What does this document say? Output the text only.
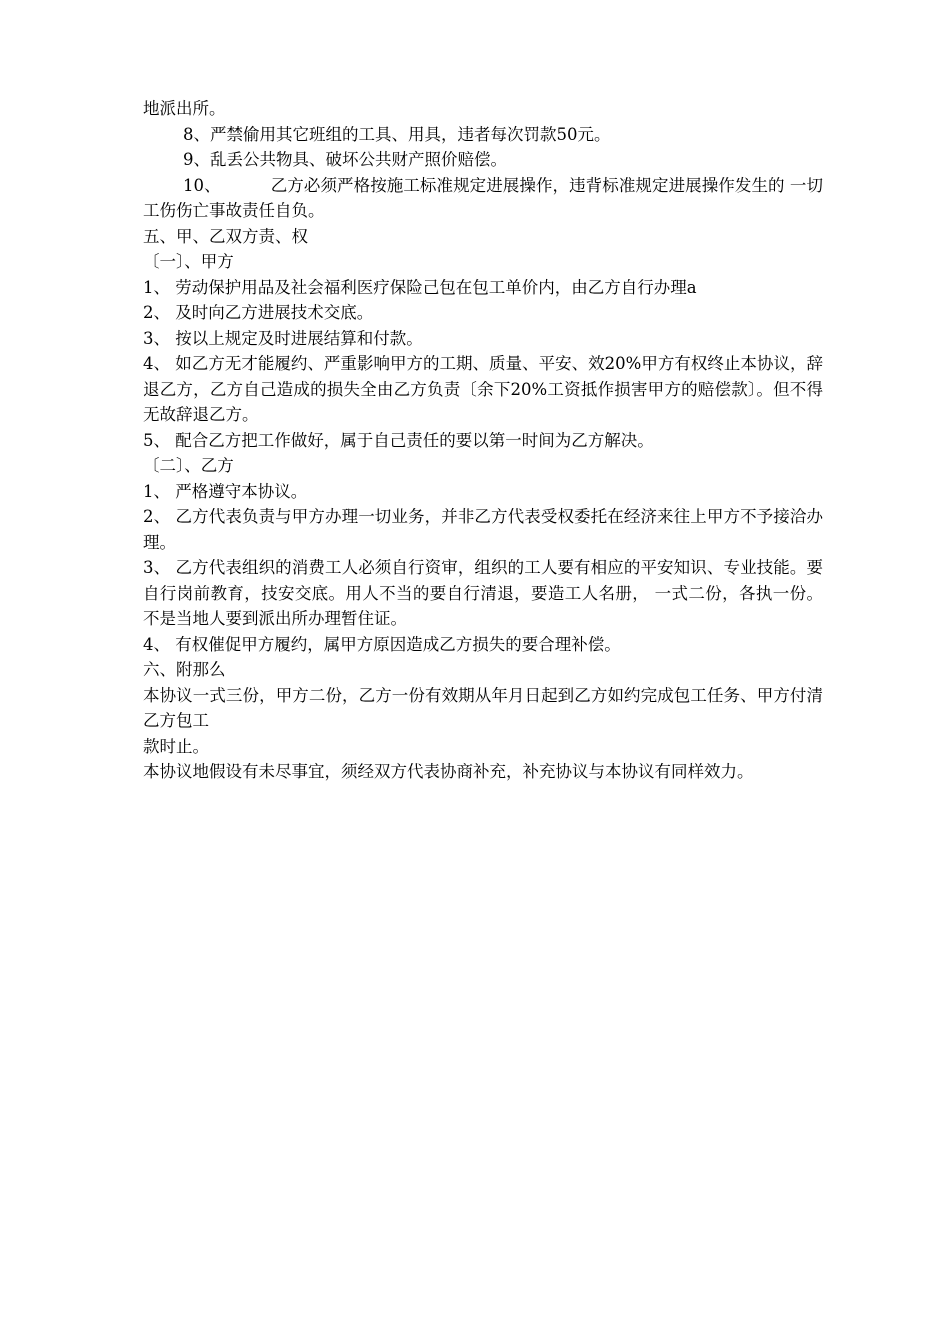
地派出所。
8、严禁偷用其它班组的工具、用具，违者每次罚款50元。
9、乱丢公共物具、破坏公共财产照价赔偿。
10、	乙方必须严格按施工标准规定进展操作，违背标准规定进展操作发生的 一切工伤伤亡事故责任自负。
五、甲、乙双方责、权
〔一〕、甲方
1、 劳动保护用品及社会福利医疗保险己包在包工单价内，由乙方自行办理a
2、 及时向乙方进展技术交底。
3、 按以上规定及时进展结算和付款。
4、 如乙方无才能履约、严重影响甲方的工期、质量、平安、效20%甲方有权终止本协议，辞退乙方，乙方自己造成的损失全由乙方负责〔余下20%工资抵作损害甲方的赔偿款〕。但不得无故辞退乙方。
5、 配合乙方把工作做好，属于自己责任的要以第一时间为乙方解决。
〔二〕、乙方
1、 严格遵守本协议。
2、 乙方代表负责与甲方办理一切业务，并非乙方代表受权委托在经济来往上甲方不予接洽办理。
3、 乙方代表组织的消费工人必须自行资审，组织的工人要有相应的平安知识、专业技能。要自行岗前教育，技安交底。用人不当的要自行清退，要造工人名册， 一式二份，各执一份。不是当地人要到派出所办理暂住证。
4、 有权催促甲方履约，属甲方原因造成乙方损失的要合理补偿。
六、附那么
本协议一式三份，甲方二份，乙方一份有效期从年月日起到乙方如约完成包工任务、甲方付清乙方包工
款时止。
本协议地假设有未尽事宜，须经双方代表协商补充，补充协议与本协议有同样效力。
